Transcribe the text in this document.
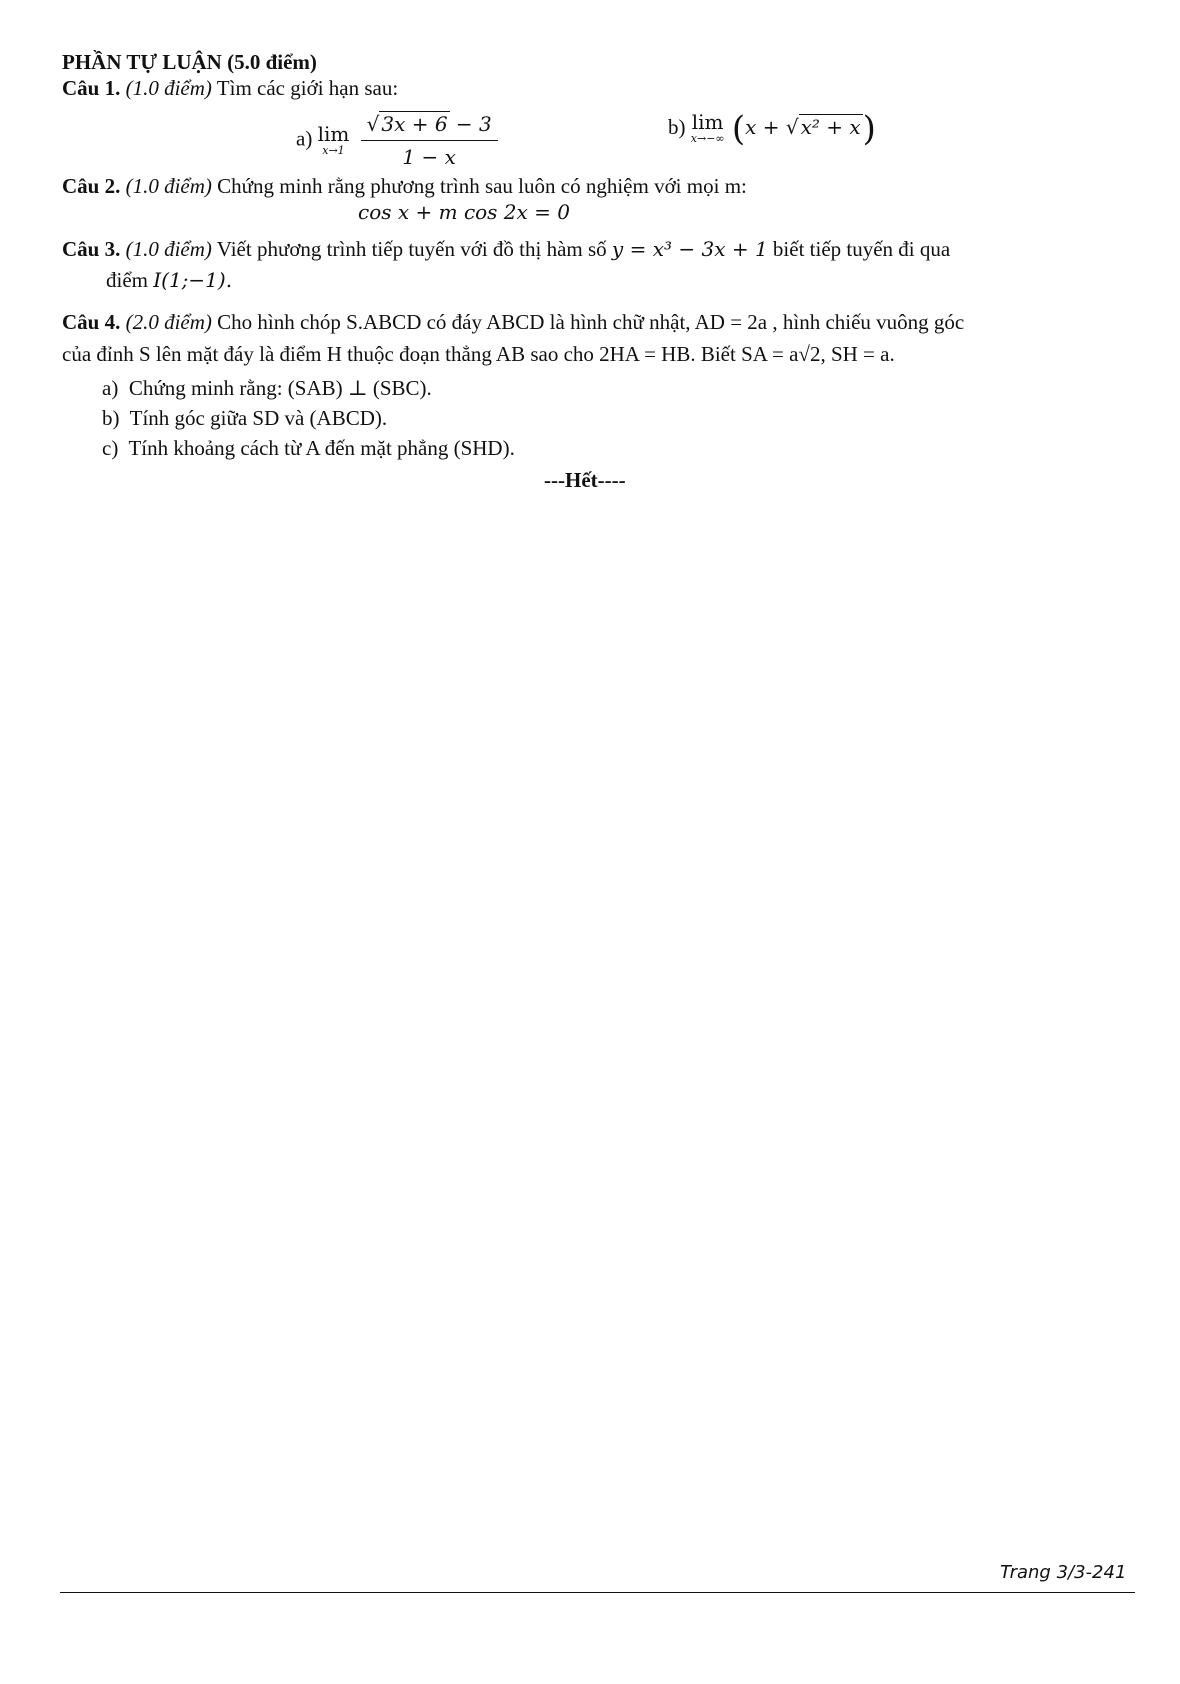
PHẦN TỰ LUẬN (5.0 điểm)
Câu 1. (1.0 điểm) Tìm các giới hạn sau:
a) lim
x→1
$\frac{√ 3x + 6 - 3}{1 - x}$	b) lim
x→−∞ (x + √ x² + x)
Câu 2. (1.0 điểm) Chứng minh rằng phương trình sau luôn có nghiệm với mọi m:
cos x + m cos 2x = 0
Câu 3. (1.0 điểm) Viết phương trình tiếp tuyến với đồ thị hàm số y = x³ − 3x + 1 biết tiếp tuyến đi qua
điểm I(1;−1).
Câu 4. (2.0 điểm) Cho hình chóp S.ABCD có đáy ABCD là hình chữ nhật, AD = 2a , hình chiếu vuông góc
của đỉnh S lên mặt đáy là điểm H thuộc đoạn thẳng AB sao cho 2HA = HB. Biết SA = a√2, SH = a.
a) Chứng minh rằng: (SAB) ⊥ (SBC).
b) Tính góc giữa SD và (ABCD).
c) Tính khoảng cách từ A đến mặt phẳng (SHD).
---Hết----
Trang 3/3-241
